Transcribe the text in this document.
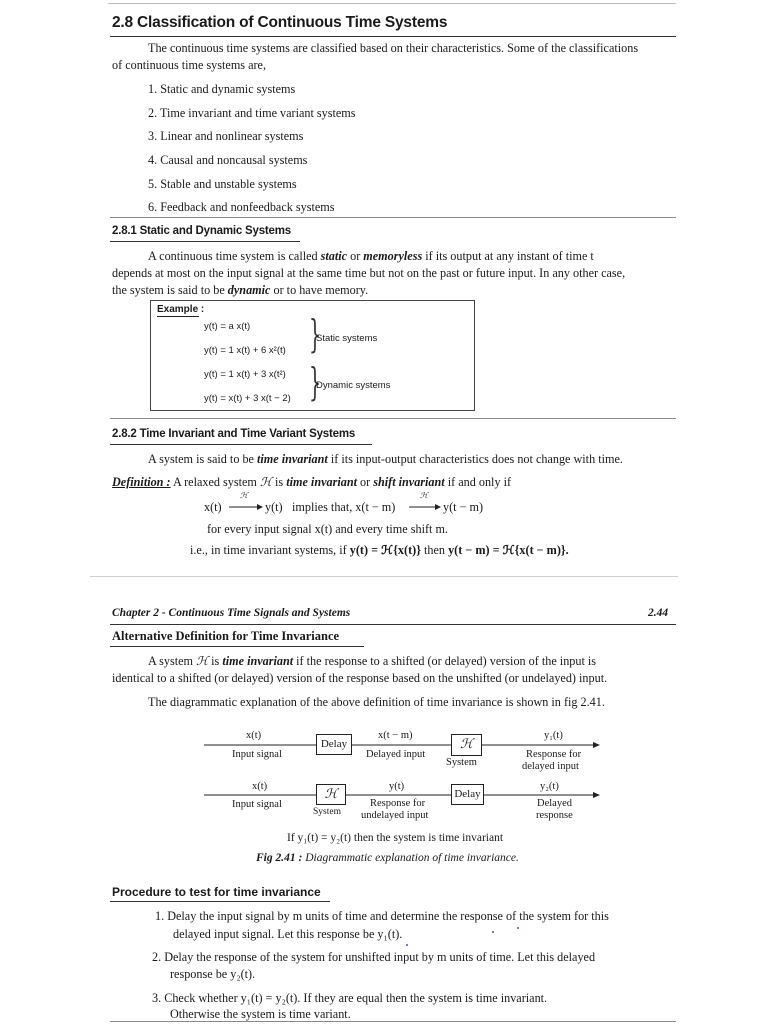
2.8 Classification of Continuous Time Systems
The continuous time systems are classified based on their characteristics. Some of the classifications
of continuous time systems are,
1. Static and dynamic systems
2. Time invariant and time variant systems
3. Linear and nonlinear systems
4. Causal and noncausal systems
5. Stable and unstable systems
6. Feedback and nonfeedback systems
2.8.1 Static and Dynamic Systems
A continuous time system is called static or memoryless if its output at any instant of time t
depends at most on the input signal at the same time but not on the past or future input. In any other case,
the system is said to be dynamic or to have memory.
Example :
y(t) = a x(t)
y(t) = 1 x(t) + 6 x²(t)
y(t) = 1 x(t) + 3 x(t²)
y(t) = x(t) + 3 x(t − 2)
}
Static systems
}
Dynamic systems
2.8.2 Time Invariant and Time Variant Systems
A system is said to be time invariant if its input-output characteristics does not change with time.
Definition : A relaxed system ℋ is time invariant or shift invariant if and only if
x(t)
ℋ
y(t) implies that, x(t − m)
ℋ
y(t − m)
for every input signal x(t) and every time shift m.
i.e., in time invariant systems, if y(t) = ℋ{x(t)} then y(t − m) = ℋ{x(t − m)}.
Chapter 2 - Continuous Time Signals and Systems	2.44
Alternative Definition for Time Invariance
A system ℋ is time invariant if the response to a shifted (or delayed) version of the input is
identical to a shifted (or delayed) version of the response based on the unshifted (or undelayed) input.
The diagrammatic explanation of the above definition of time invariance is shown in fig 2.41.
x(t)
Input signal
Delay
x(t − m)
Delayed input
ℋ
System
y₁(t)
Response for
delayed input
x(t)
Input signal
ℋ
System
y(t)
Response for
undelayed input
Delay
y₂(t)
Delayed
response
If y₁(t) = y₂(t) then the system is time invariant
Fig 2.41 : Diagrammatic explanation of time invariance.
Procedure to test for time invariance
1. Delay the input signal by m units of time and determine the response of the system for this
delayed input signal. Let this response be y₁(t).
2. Delay the response of the system for unshifted input by m units of time. Let this delayed
response be y₂(t).
3. Check whether y₁(t) = y₂(t). If they are equal then the system is time invariant.
Otherwise the system is time variant.
